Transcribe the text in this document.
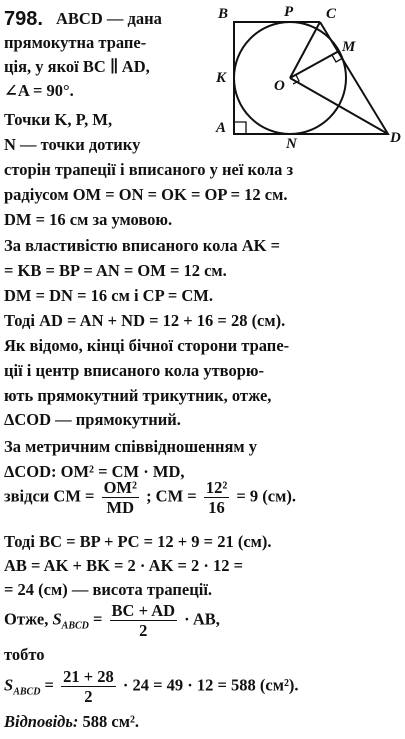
798. ABCD — дана
прямокутна трапе-
ція, у якої BC ∥ AD,
∠A = 90°.
Точки K, P, M,
N — точки дотику
сторін трапеції і вписаного у неї кола з
радіусом OM = ON = OK = OP = 12 см.
DM = 16 см за умовою.
За властивістю вписаного кола AK =
= KB = BP = AN = OM = 12 см.
DM = DN = 16 см і CP = CM.
Тоді AD = AN + ND = 12 + 16 = 28 (см).
Як відомо, кінці бічної сторони трапе-
ції і центр вписаного кола утворю-
ють прямокутний трикутник, отже,
ΔCOD — прямокутний.
За метричним співвідношенням у
ΔCOD: OM² = CM · MD,
звідси CM = $\frac{\text{OM²}}{MD}$ ; CM = $\frac{\text{12²}}{16} = 9$ (см).
Тоді BC = BP + PC = 12 + 9 = 21 (см).
AB = AK + BK = 2 · AK = 2 · 12 =
= 24 (см) — висота трапеції.
Отже, $S_{ABCD} = \frac{BC + AD}{2}$ · AB,
тобто
$S_{ABCD} = \frac{21 + 28}{2} \cdot 24 = 49 \cdot 12 = 588$ (см²).
Відповідь: 588 см².
B	P C
M
K	O
A
N	D
